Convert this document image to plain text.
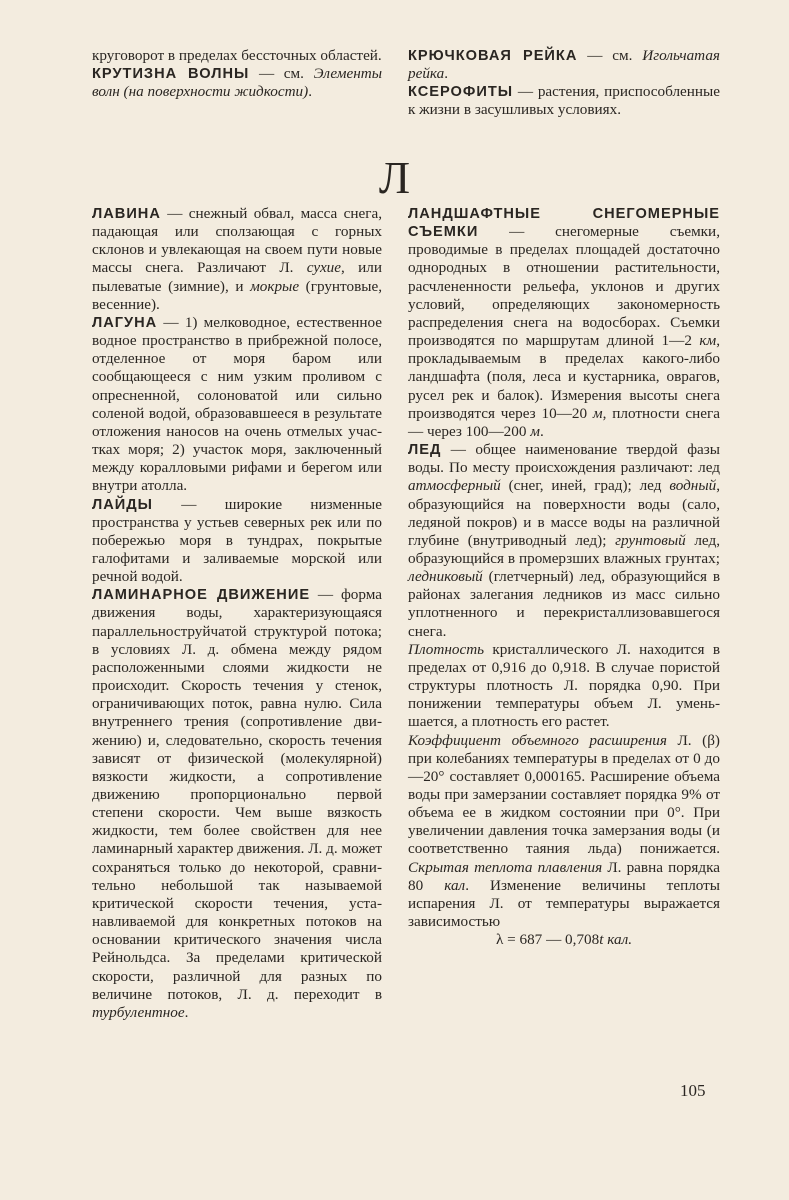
круговорот в пределах бессточных областей.

КРУТИЗНА ВОЛНЫ — см. Элементы волн (на поверхности жидкости).

КРЮЧКОВАЯ РЕЙКА — см. Игольчатая рейка.

КСЕРОФИТЫ — растения, приспособленные к жизни в засушливых условиях.

Л

ЛАВИНА — снежный обвал, масса снега, падающая или сползающая с горных склонов и увлекающая на своем пути новые массы снега. Различают Л. сухие, или пылеватые (зимние), и мокрые (грунтовые, весенние).

ЛАГУНА — 1) мелководное, естественное водное пространство в прибрежной полосе, отделенное от моря баром или сообщающееся с ним узким проливом с опресненной, солоноватой или сильно соленой водой, образовавшееся в результате отложения наносов на очень отмелых участках моря; 2) участок моря, заключенный между коралловыми рифами и берегом или внутри атолла.

ЛАЙДЫ — широкие низменные пространства у устьев северных рек или по побережью моря в тундрах, покрытые галофитами и заливаемые морской или речной водой.

ЛАМИНАРНОЕ ДВИЖЕНИЕ — форма движения воды, характеризующаяся параллельноструйчатой структурой потока; в условиях Л. д. обмена между рядом расположенными слоями жидкости не происходит. Скорость течения у стенок, ограничивающих поток, равна нулю. Сила внутреннего трения (сопротивление движению) и, следовательно, скорость течения зависят от физической (молекулярной) вязкости жидкости, а сопротивление движению пропорционально первой степени скорости. Чем выше вязкость жидкости, тем более свойствен для нее ламинарный характер движения. Л. д. может сохраняться только до некоторой, сравнительно небольшой так называемой критической скорости течения, устанавливаемой для конкретных потоков на основании критического значения числа Рейнольдса. За пределами критической скорости, различной для разных по величине потоков, Л. д. переходит в турбулентное.

ЛАНДШАФТНЫЕ СНЕГОМЕРНЫЕ СЪЕМКИ — снегомерные съемки, проводимые в пределах площадей достаточно однородных в отношении растительности, расчлененности рельефа, уклонов и других условий, определяющих закономерность распределения снега на водосборах. Съемки производятся по маршрутам длиной 1—2 км, прокладываемым в пределах какого-либо ландшафта (поля, леса и кустарника, оврагов, русел рек и балок). Измерения высоты снега производятся через 10—20 м, плотности снега — через 100—200 м.

ЛЕД — общее наименование твердой фазы воды. По месту происхождения различают: лед атмосферный (снег, иней, град); лед водный, образующийся на поверхности воды (сало, ледяной покров) и в массе воды на различной глубине (внутриводный лед); грунтовый лед, образующийся в промерзших влажных грунтах; ледниковый (глетчерный) лед, образующийся в районах залегания ледников из масс сильно уплотненного и перекристаллизовавшегося снега.

Плотность кристаллического Л. находится в пределах от 0,916 до 0,918. В случае пористой структуры плотность Л. порядка 0,90. При понижении температуры объем Л. уменьшается, а плотность его растет.

Коэффициент объемного расширения Л. (β) при колебаниях температуры в пределах от 0 до —20° составляет 0,000165. Расширение объема воды при замерзании составляет порядка 9% от объема ее в жидком состоянии при 0°. При увеличении давления точка замерзания воды (и соответственно таяния льда) понижается. Скрытая теплота плавления Л. равна порядка 80 кал. Изменение величины теплоты испарения Л. от температуры выражается зависимостью

λ = 687 — 0,708t кал.

105
